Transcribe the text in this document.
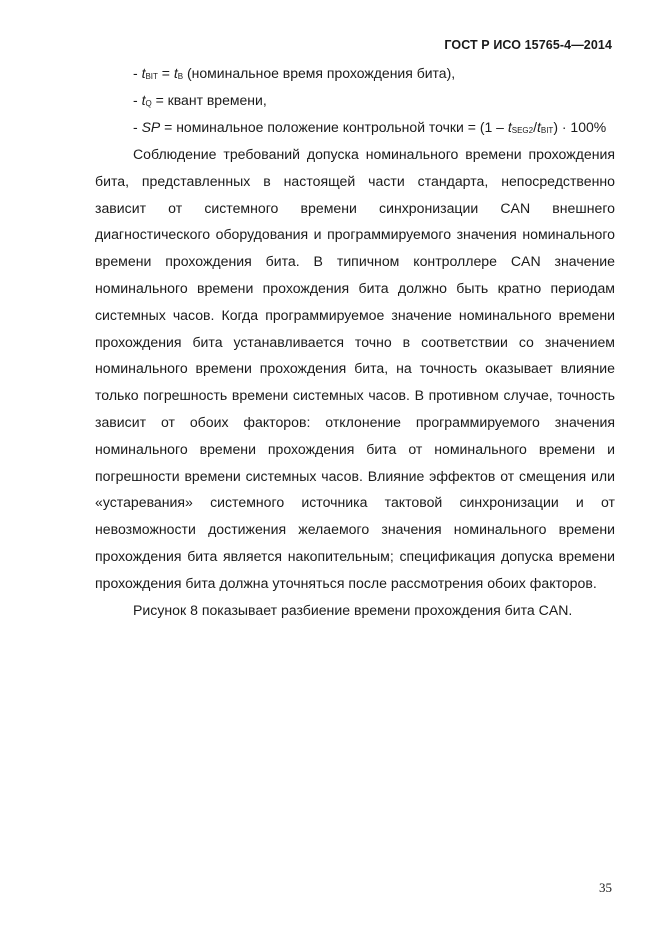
ГОСТ Р ИСО 15765-4—2014
- $t_{BIT} = t_B$ (номинальное время прохождения бита),
- $t_Q$ = квант времени,
- SP = номинальное положение контрольной точки = $(1 - t_{SEG2}/t_{BIT}) \cdot 100\%$

Соблюдение требований допуска номинального времени прохождения бита, представленных в настоящей части стандарта, непосредственно зависит от системного времени синхронизации CAN внешнего диагностического оборудования и программируемого значения номинального времени прохождения бита. В типичном контроллере CAN значение номинального времени прохождения бита должно быть кратно периодам системных часов. Когда программируемое значение номинального времени прохождения бита устанавливается точно в соответствии со значением номинального времени прохождения бита, на точность оказывает влияние только погрешность времени системных часов. В противном случае, точность зависит от обоих факторов: отклонение программируемого значения номинального времени прохождения бита от номинального времени и погрешности времени системных часов. Влияние эффектов от смещения или «устаревания» системного источника тактовой синхронизации и от невозможности достижения желаемого значения номинального времени прохождения бита является накопительным; спецификация допуска времени прохождения бита должна уточняться после рассмотрения обоих факторов.

Рисунок 8 показывает разбиение времени прохождения бита CAN.

35
